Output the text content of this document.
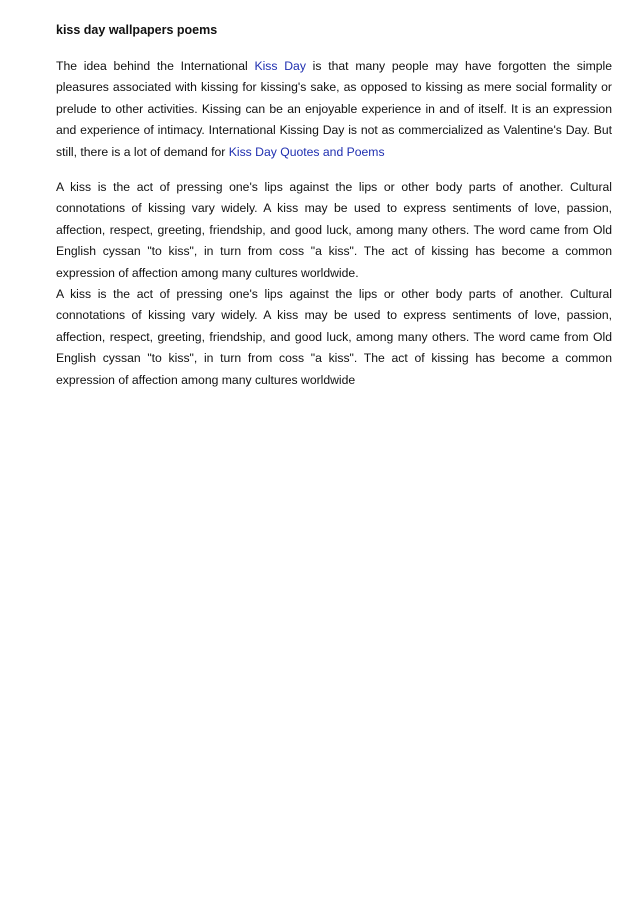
kiss day wallpapers poems

The idea behind the International Kiss Day is that many people may have forgotten the simple pleasures associated with kissing for kissing's sake, as opposed to kissing as mere social formality or prelude to other activities. Kissing can be an enjoyable experience in and of itself. It is an expression and experience of intimacy. International Kissing Day is not as commercialized as Valentine's Day. But still, there is a lot of demand for Kiss Day Quotes and Poems

A kiss is the act of pressing one's lips against the lips or other body parts of another. Cultural connotations of kissing vary widely. A kiss may be used to express sentiments of love, passion, affection, respect, greeting, friendship, and good luck, among many others. The word came from Old English cyssan "to kiss", in turn from coss "a kiss". The act of kissing has become a common expression of affection among many cultures worldwide.

A kiss is the act of pressing one's lips against the lips or other body parts of another. Cultural connotations of kissing vary widely. A kiss may be used to express sentiments of love, passion, affection, respect, greeting, friendship, and good luck, among many others. The word came from Old English cyssan "to kiss", in turn from coss "a kiss". The act of kissing has become a common expression of affection among many cultures worldwide
